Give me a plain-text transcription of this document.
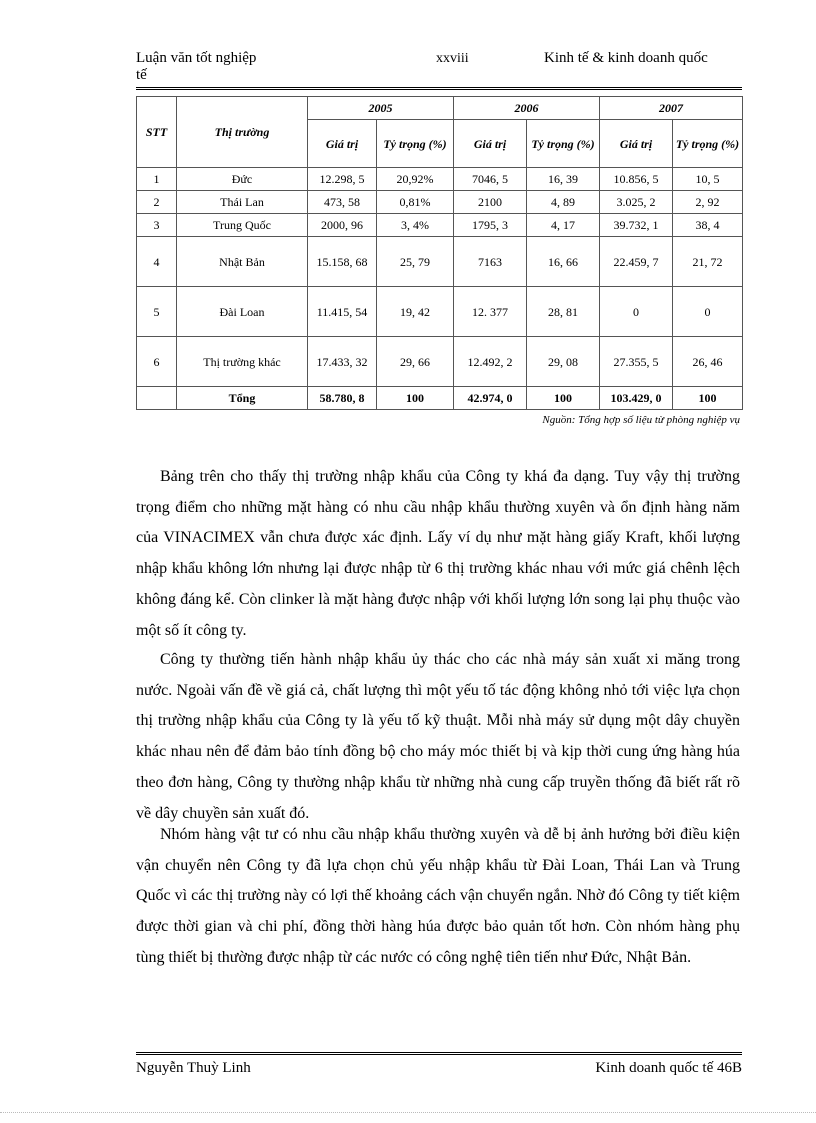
Luận văn tốt nghiệp	xxviii	Kinh tế & kinh doanh quốc
tế
STT	Thị trường	2005		2006		2007	
		Giá trị	Tỷ trọng (%)	Giá trị	Tỷ trọng (%)	Giá trị	Tỷ trọng (%)
1	Đức	12.298, 5	20,92%	7046, 5	16, 39	10.856, 5	10, 5
2	Thái Lan	473, 58	0,81%	2100	4, 89	3.025, 2	2, 92
3	Trung Quốc	2000, 96	3, 4%	1795, 3	4, 17	39.732, 1	38, 4
4	Nhật Bản	15.158, 68	25, 79	7163	16, 66	22.459, 7	21, 72
5	Đài Loan	11.415, 54	19, 42	12. 377	28, 81	0	0
6	Thị trường khác	17.433, 32	29, 66	12.492, 2	29, 08	27.355, 5	26, 46
	Tổng	58.780, 8	100	42.974, 0	100	103.429, 0	100
Nguồn: Tổng hợp số liệu từ phòng nghiệp vụ

Bảng trên cho thấy thị trường nhập khẩu của Công ty khá đa dạng. Tuy vậy thị trường trọng điểm cho những mặt hàng có nhu cầu nhập khẩu thường xuyên và ổn định hàng năm của VINACIMEX vẫn chưa được xác định. Lấy ví dụ như mặt hàng giấy Kraft, khối lượng nhập khẩu không lớn nhưng lại được nhập từ 6 thị trường khác nhau với mức giá chênh lệch không đáng kể. Còn clinker là mặt hàng được nhập với khối lượng lớn song lại phụ thuộc vào một số ít công ty.

Công ty thường tiến hành nhập khẩu ủy thác cho các nhà máy sản xuất xi măng trong nước. Ngoài vấn đề về giá cả, chất lượng thì một yếu tố tác động không nhỏ tới việc lựa chọn thị trường nhập khẩu của Công ty là yếu tố kỹ thuật. Mỗi nhà máy sử dụng một dây chuyền khác nhau nên để đảm bảo tính đồng bộ cho máy móc thiết bị và kịp thời cung ứng hàng húa theo đơn hàng, Công ty thường nhập khẩu từ những nhà cung cấp truyền thống đã biết rất rõ về dây chuyền sản xuất đó.

Nhóm hàng vật tư có nhu cầu nhập khẩu thường xuyên và dễ bị ảnh hưởng bởi điều kiện vận chuyển nên Công ty đã lựa chọn chủ yếu nhập khẩu từ Đài Loan, Thái Lan và Trung Quốc vì các thị trường này có lợi thế khoảng cách vận chuyển ngắn. Nhờ đó Công ty tiết kiệm được thời gian và chi phí, đồng thời hàng húa được bảo quản tốt hơn. Còn nhóm hàng phụ tùng thiết bị thường được nhập từ các nước có công nghệ tiên tiến như Đức, Nhật Bản.

Nguyễn Thuỳ Linh	Kinh doanh quốc tế 46B
